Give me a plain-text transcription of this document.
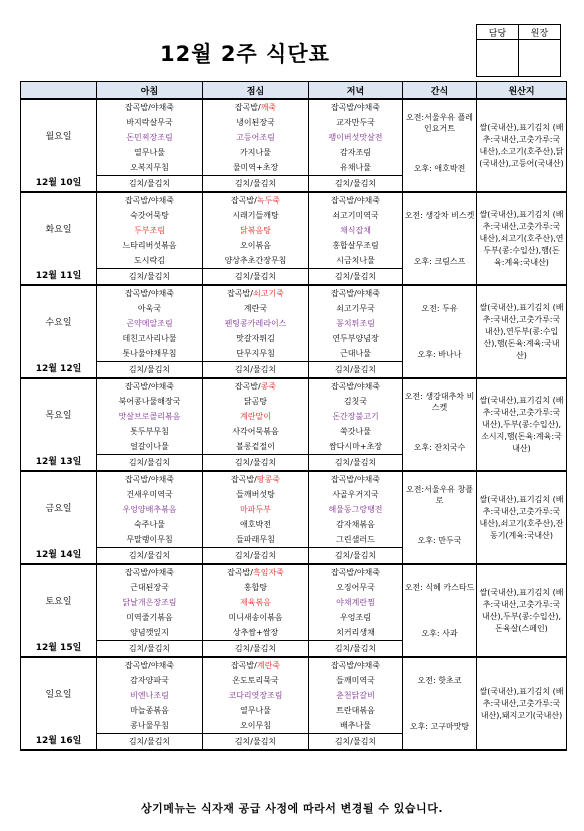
12월 2주 식단표
담당	원장

	아침	점심	저녁	간식	원산지
월요일	잡곡밥/야채죽	잡곡밥/깨죽	잡곡밥/야채죽	오전:서울우유 플레인요거트	쌀(국내산),표기김치 (배추:국내산,고춧가루:국내산),소고기(호주산),닭(국내산),고등어(국내산)
	바지락살무국	냉이된장국	교자만두국		
	돈민찌장조림	고등어조림	팽이버섯맛살전		
	열무나물	가지나물	감자조림	오후: 애호박전	
	오복지무침	물미역+초장	유채나물		
12월 10일	김치/물김치	김치/물김치	김치/물김치		
화요일	잡곡밥/야채죽	잡곡밥/녹두죽	잡곡밥/야채죽	오전: 생강차 비스켓	쌀(국내산),표기김치 (배추:국내산,고춧가루:국내산),쇠고기(호주산),연두부(콩:수입산),햄(돈육:계육:국내산)
	숙갓어묵탕	시래기들깨탕	쇠고기미역국		
	두부조림	닭볶음탕	채식잡채		
	느타리버섯볶음	오이볶음	홍합살무조림	오후: 크림스프	
	도시락김	양상추초간장무침	시금치나물		
12월 11일	김치/물김치	김치/물김치	김치/물김치		
수요일	잡곡밥/야채죽	잡곡밥/쇠고기죽	잡곡밥/야채죽	오전: 두유	쌀(국내산),표기김치 (배추:국내산,고춧가루:국내산),연두부(콩:수입산),햄(돈육:계육:국내산)
	아욱국	계란국	쇠고기무국		
	곤약메알조림	펜팅콩카레라이스	꽁치튀조림		
	데친고사리나물	맛갈자튀김	연두부양념장	오후: 바나나	
	톳나물야채무침	단무지무침	근대나물		
12월 12일	김치/물김치	김치/물김치	김치/물김치		
목요일	잡곡밥/야채죽	잡곡밥/콩죽	잡곡밥/야채죽	오전: 생강대추차 비스켓	쌀(국내산),표기김치 (배추:국내산,고춧가루:국내산),두부(콩:수입산),소시지,햄(돈육:계육:국내산)
	북어콩나물해장국	닭곰탕	김칫국		
	맛살브로콜리볶음	계란말이	돈간장불고기		
	톳두부무침	사각어묵볶음	쑥갓나물	오후: 잔치국수	
	얼갈이나물	볼롱겉절이	쌈다시마+초장		
12월 13일	김치/물김치	김치/물김치	김치/물김치		
금요일	잡곡밥/야채죽	잡곡밥/땅콩죽	잡곡밥/야채죽	오전:서울우유 창플로	쌀(국내산),표기김치 (배추:국내산,고춧가루:국내산),쇠고기(호주산),잔동기(계육:국내산)
	건새우미역국	들깨버섯탕	사골우거지국		
	우엉양배추볶음	마파두부	해물동그랑땡전		
	숙주나물	애호박전	감자채볶음	오후: 만두국	
	무말랭이무침	들파래무침	그린샐러드		
12월 14일	김치/물김치	김치/물김치	김치/물김치		
토요일	잡곡밥/야채죽	잡곡밥/흑임자죽	잡곡밥/야채죽	오전: 식혜 카스타드	쌀(국내산),표기김치 (배추:국내산,고춧가루:국내산),두부(콩:수입산),돈육살(스페인)
	근대된장국	홍합탕	오징어무국		
	닭날개은장조림	제육볶음	야채계란찜		
	미역줄기볶음	미니새송이볶음	우엉조림	오후: 사과	
	양념깻잎지	상추쌈+쌈장	치커리생채		
12월 15일	김치/물김치	김치/물김치	김치/물김치		
일요일	잡곡밥/야채죽	잡곡밥/계란죽	잡곡밥/야채죽	오전: 핫초코	쌀(국내산),표기김치 (배추:국내산,고춧가루:국내산),돼지고기(국내산)
	감자양파국	온도토리묵국	들깨미역국		
	비엔나조림	코다리엿장조림	춘천닭갈비		
	마늘종볶음	열무나물	트란대볶음	오후: 고구마맛탕	
	콩나물무침	오이무침	배추나물		
12월 16일	김치/물김치	김치/물김치	김치/물김치		
상기메뉴는 식자재 공급 사정에 따라서 변경될 수 있습니다.
